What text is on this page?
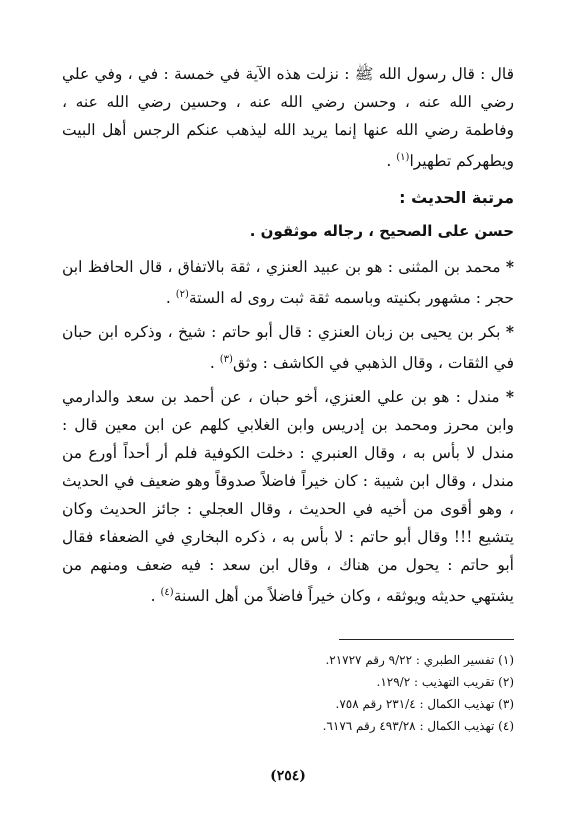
قال : قال رسول الله ﷺ : نزلت هذه الآية في خمسة : في ، وفي علي رضي الله عنه ، وحسن رضي الله عنه ، وحسين رضي الله عنه ، وفاطمة رضي الله عنها إنما يريد الله ليذهب عنكم الرجس أهل البيت ويطهركم تطهيرا$^{(١)}$ .

مرتبة الحديث :
حسن على الصحيح ، رجاله موثقون .

* محمد بن المثنى : هو بن عبيد العنزي ، ثقة بالاتفاق ، قال الحافظ ابن حجر : مشهور بكنيته وباسمه ثقة ثبت روى له الستة$^{(٢)}$ .

* بكر بن يحيى بن زبان العنزي : قال أبو حاتم : شيخ ، وذكره ابن حبان في الثقات ، وقال الذهبي في الكاشف : وثق$^{(٣)}$ .

* مندل : هو بن علي العنزي، أخو حبان ، عن أحمد بن سعد والدارمي وابن محرز ومحمد بن إدريس وابن الغلابي كلهم عن ابن معين قال : مندل لا بأس به ، وقال العنبري : دخلت الكوفية فلم أر أحداً أورع من مندل ، وقال ابن شيبة : كان خيراً فاضلاً صدوقاً وهو ضعيف في الحديث ، وهو أقوى من أخيه في الحديث ، وقال العجلي : جائز الحديث وكان يتشيع !!! وقال أبو حاتم : لا بأس به ، ذكره البخاري في الضعفاء فقال أبو حاتم : يحول من هناك ، وقال ابن سعد : فيه ضعف ومنهم من يشتهي حديثه ويوثقه ، وكان خيراً فاضلاً من أهل السنة$^{(٤)}$ .

(١) تفسير الطبري : ٩/٢٢ رقم ٢١٧٢٧.
(٢) تقريب التهذيب : ١٢٩/٢.
(٣) تهذيب الكمال : ٢٣١/٤ رقم ٧٥٨.
(٤) تهذيب الكمال : ٤٩٣/٢٨ رقم ٦١٧٦.
(٢٥٤)
